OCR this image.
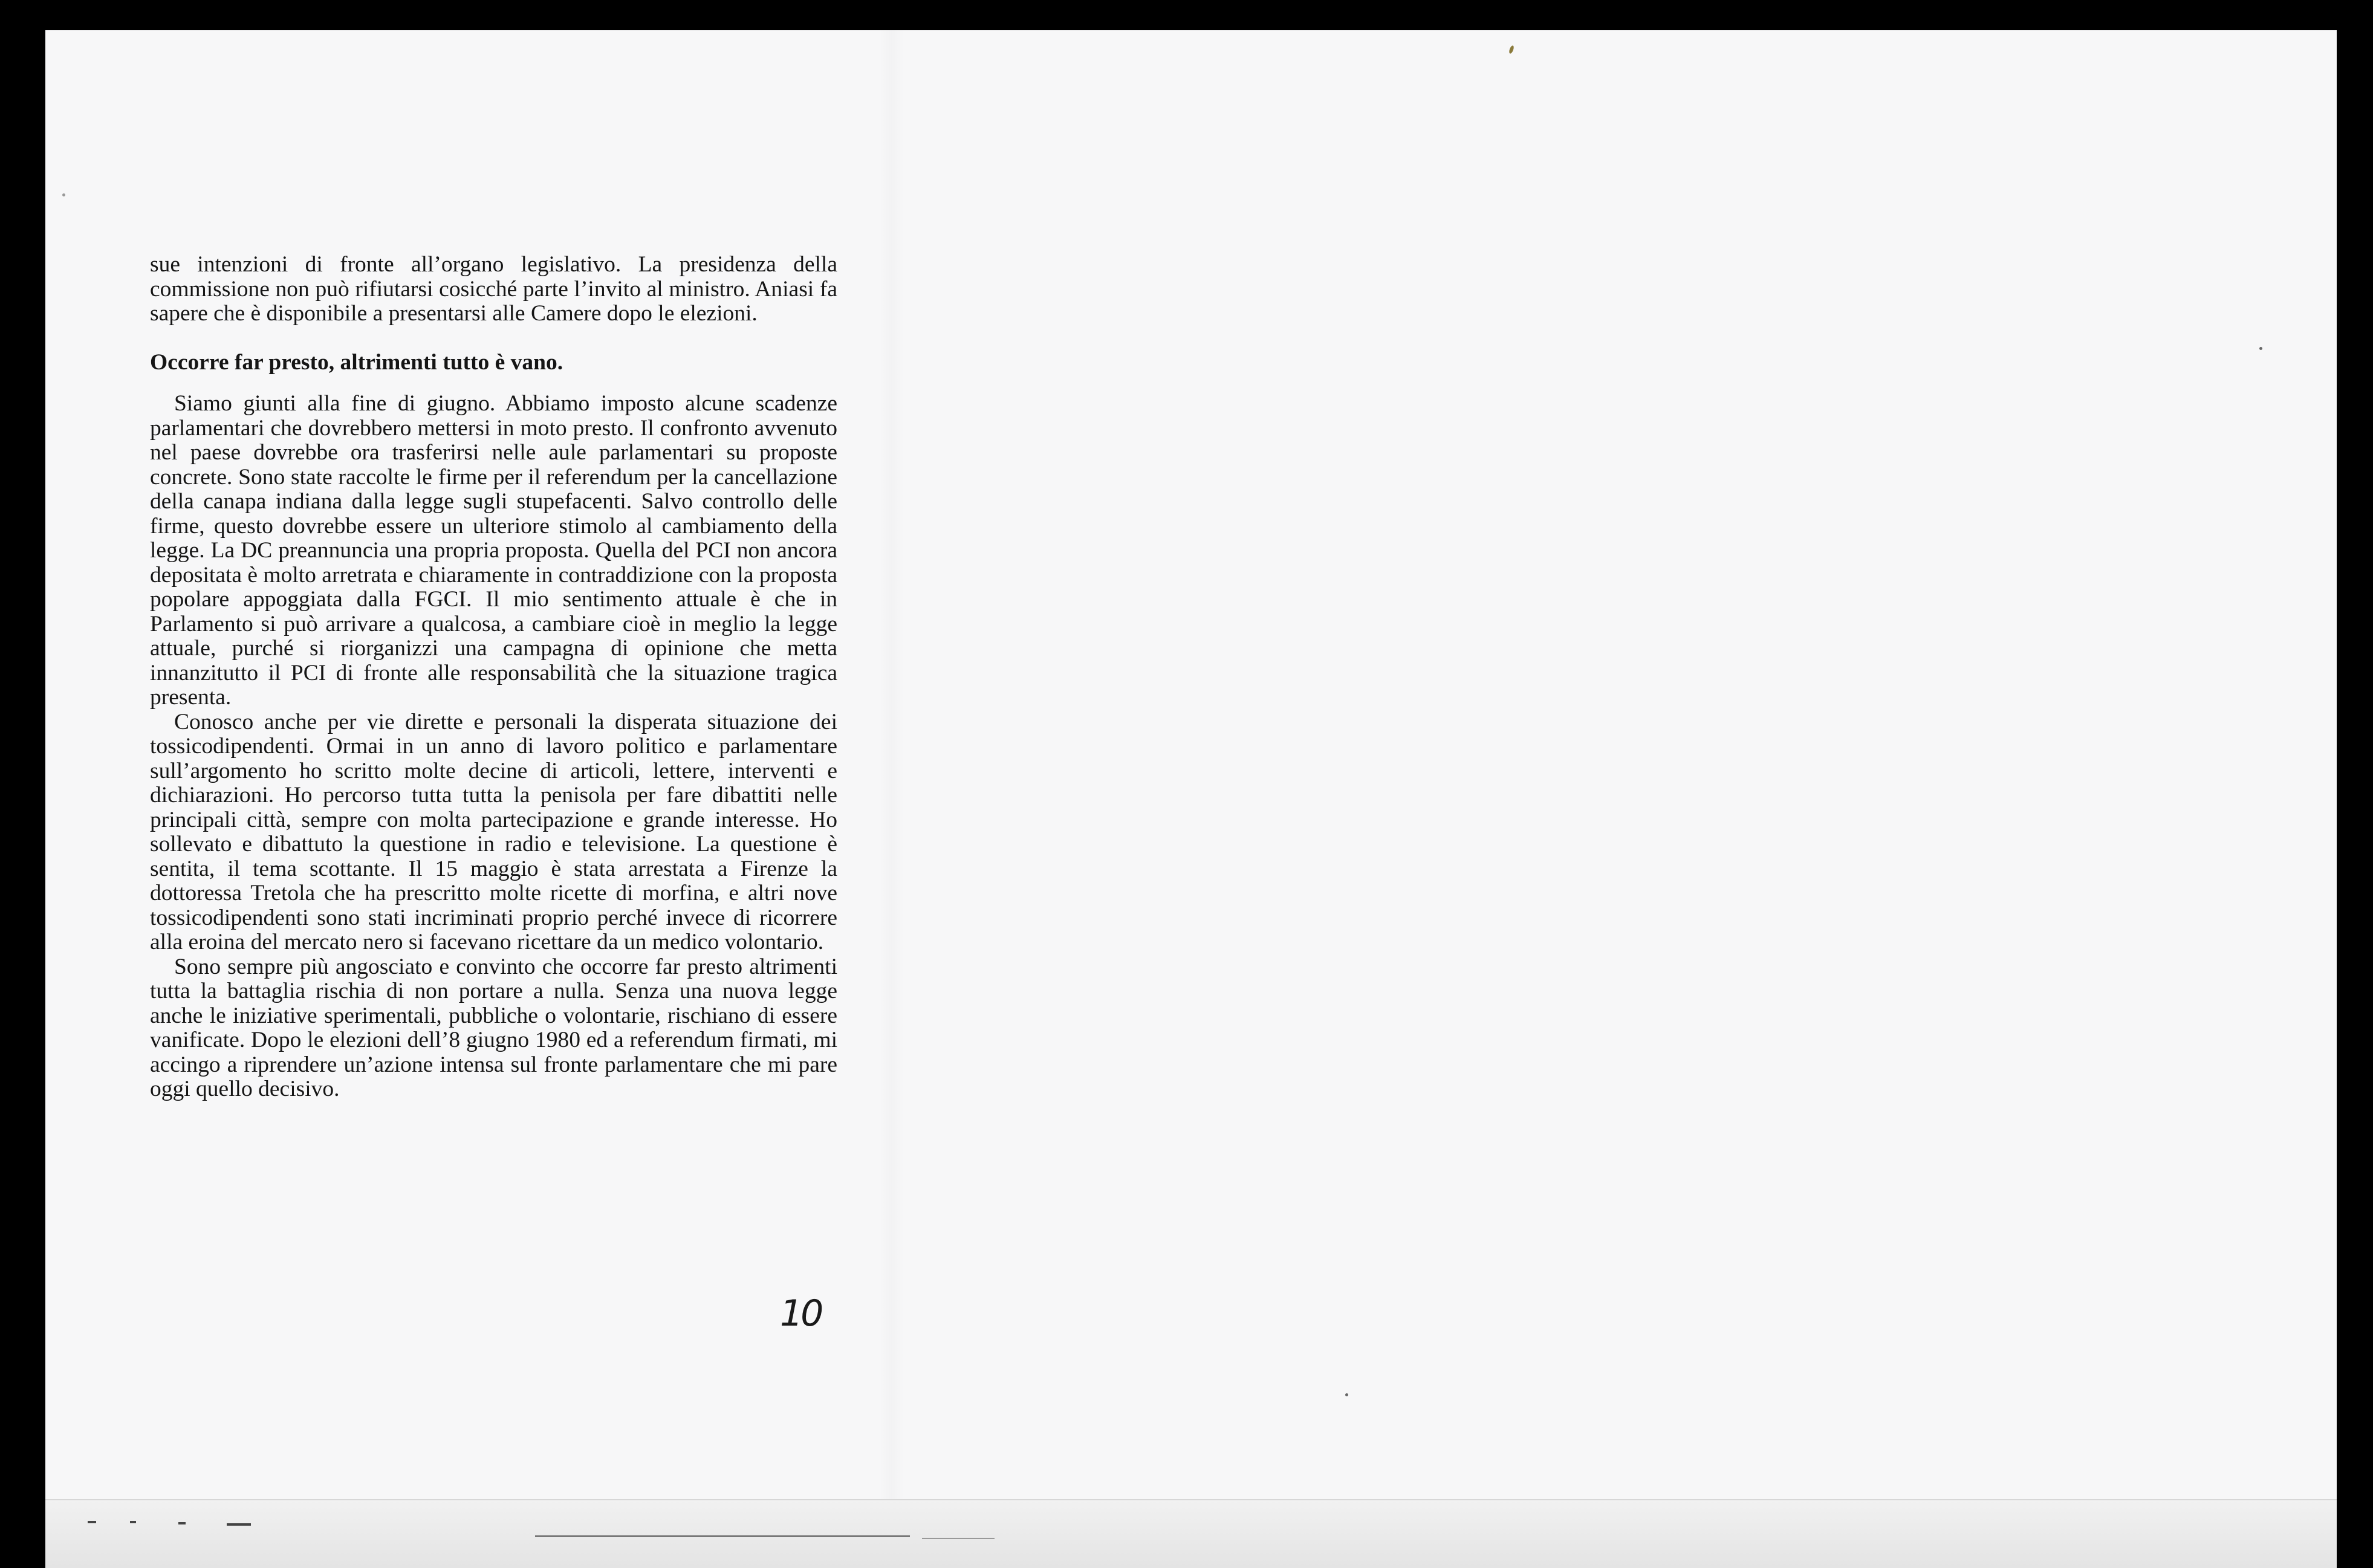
sue intenzioni di fronte all’organo legislativo. La presidenza della commissione non può rifiutarsi cosicché parte l’invito al ministro. Aniasi fa sapere che è disponibile a presentarsi alle Camere dopo le elezioni.

Occorre far presto, altrimenti tutto è vano.

Siamo giunti alla fine di giugno. Abbiamo imposto alcune scadenze parlamentari che dovrebbero mettersi in moto presto. Il confronto avvenuto nel paese dovrebbe ora trasferirsi nelle aule parlamentari su proposte concrete. Sono state raccolte le firme per il referendum per la cancellazione della canapa indiana dalla legge sugli stupefacenti. Salvo controllo delle firme, questo dovrebbe essere un ulteriore stimolo al cambiamento della legge. La DC preannuncia una propria proposta. Quella del PCI non ancora depositata è molto arretrata e chiaramente in contraddizione con la proposta popolare appoggiata dalla FGCI. Il mio sentimento attuale è che in Parlamento si può arrivare a qualcosa, a cambiare cioè in meglio la legge attuale, purché si riorganizzi una campagna di opinione che metta innanzitutto il PCI di fronte alle responsabilità che la situazione tragica presenta.

Conosco anche per vie dirette e personali la disperata situazione dei tossicodipendenti. Ormai in un anno di lavoro politico e parlamentare sull’argomento ho scritto molte decine di articoli, lettere, interventi e dichiarazioni. Ho percorso tutta tutta la penisola per fare dibattiti nelle principali città, sempre con molta partecipazione e grande interesse. Ho sollevato e dibattuto la questione in radio e televisione. La questione è sentita, il tema scottante. Il 15 maggio è stata arrestata a Firenze la dottoressa Tretola che ha prescritto molte ricette di morfina, e altri nove tossicodipendenti sono stati incriminati proprio perché invece di ricorrere alla eroina del mercato nero si facevano ricettare da un medico volontario.

Sono sempre più angosciato e convinto che occorre far presto altrimenti tutta la battaglia rischia di non portare a nulla. Senza una nuova legge anche le iniziative sperimentali, pubbliche o volontarie, rischiano di essere vanificate. Dopo le elezioni dell’8 giugno 1980 ed a referendum firmati, mi accingo a riprendere un’azione intensa sul fronte parlamentare che mi pare oggi quello decisivo.

10
